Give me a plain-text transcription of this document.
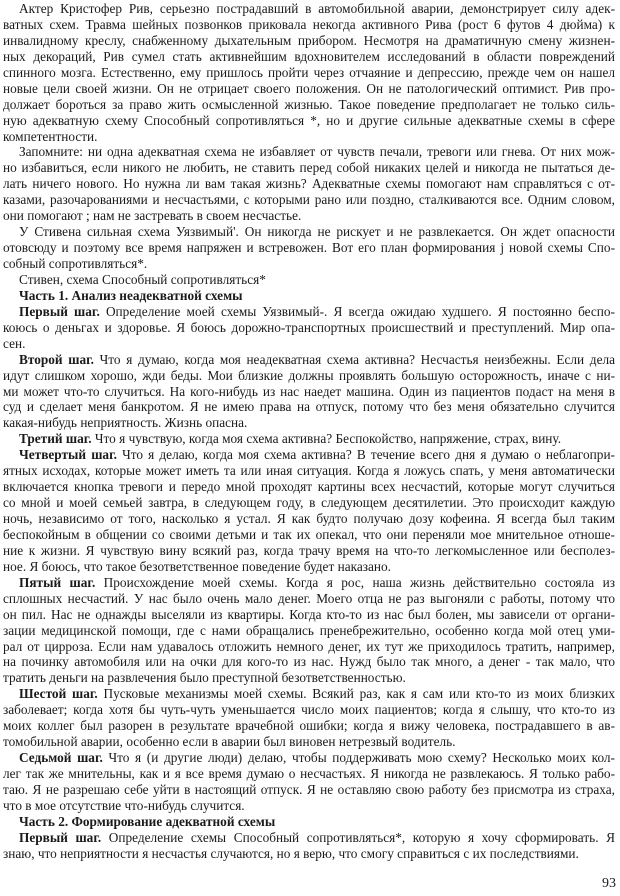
Актер Кристофер Рив, серьезно пострадавший в автомобильной аварии, демонстрирует силу адек-
ватных схем. Травма шейных позвонков приковала некогда активного Рива (рост 6 футов 4 дюйма) к
инвалидному креслу, снабженному дыхательным прибором. Несмотря на драматичную смену жизнен-
ных декораций, Рив сумел стать активнейшим вдохновителем исследований в области повреждений
спинного мозга. Естественно, ему пришлось пройти через отчаяние и депрессию, прежде чем он нашел
новые цели своей жизни. Он не отрицает своего положения. Он не патологический оптимист. Рив про-
должает бороться за право жить осмысленной жизнью. Такое поведение предполагает не только силь-
ную адекватную схему Способный сопротивляться *, но и другие сильные адекватные схемы в сфере
компетентности.
Запомните: ни одна адекватная схема не избавляет от чувств печали, тревоги или гнева. От них мож-
но избавиться, если никого не любить, не ставить перед собой никаких целей и никогда не пытаться де-
лать ничего нового. Но нужна ли вам такая жизнь? Адекватные схемы помогают нам справляться с от-
казами, разочарованиями и несчастьями, с которыми рано или поздно, сталкиваются все. Одним словом,
они помогают ; нам не застревать в своем несчастье.
У Стивена сильная схема Уязвимый'. Он никогда не рискует и не развлекается. Он ждет опасности
отовсюду и поэтому все время напряжен и встревожен. Вот его план формирования j новой схемы Спо-
собный сопротивляться*.
Стивен, схема Способный сопротивляться*
Часть 1. Анализ неадекватной схемы
Первый шаг. Определение моей схемы Уязвимый-. Я всегда ожидаю худшего. Я постоянно беспо-
коюсь о деньгах и здоровье. Я боюсь дорожно-транспортных происшествий и преступлений. Мир опа-
сен.
Второй шаг. Что я думаю, когда моя неадекватная схема активна? Несчастья неизбежны. Если дела
идут слишком хорошо, жди беды. Мои близкие должны проявлять большую осторожность, иначе с ни-
ми может что-то случиться. На кого-нибудь из нас наедет машина. Один из пациентов подаст на меня в
суд и сделает меня банкротом. Я не имею права на отпуск, потому что без меня обязательно случится
какая-нибудь неприятность. Жизнь опасна.
Третий шаг. Что я чувствую, когда моя схема активна? Беспокойство, напряжение, страх, вину.
Четвертый шаг. Что я делаю, когда моя схема активна? В течение всего дня я думаю о неблагопри-
ятных исходах, которые может иметь та или иная ситуация. Когда я ложусь спать, у меня автоматически
включается кнопка тревоги и передо мной проходят картины всех несчастий, которые могут случиться
со мной и моей семьей завтра, в следующем году, в следующем десятилетии. Это происходит каждую
ночь, независимо от того, насколько я устал. Я как будто получаю дозу кофеина. Я всегда был таким
беспокойным в общении со своими детьми и так их опекал, что они переняли мое мнительное отноше-
ние к жизни. Я чувствую вину всякий раз, когда трачу время на что-то легкомысленное или бесполез-
ное. Я боюсь, что такое безответственное поведение будет наказано.
Пятый шаг. Происхождение моей схемы. Когда я рос, наша жизнь действительно состояла из
сплошных несчастий. У нас было очень мало денег. Моего отца не раз выгоняли с работы, потому что
он пил. Нас не однажды выселяли из квартиры. Когда кто-то из нас был болен, мы зависели от органи-
зации медицинской помощи, где с нами обращались пренебрежительно, особенно когда мой отец уми-
рал от цирроза. Если нам удавалось отложить немного денег, их тут же приходилось тратить, например,
на починку автомобиля или на очки для кого-то из нас. Нужд было так много, а денег - так мало, что
тратить деньги на развлечения было преступной безответственностью.
Шестой шаг. Пусковые механизмы моей схемы. Всякий раз, как я сам или кто-то из моих близких
заболевает; когда хотя бы чуть-чуть уменьшается число моих пациентов; когда я слышу, что кто-то из
моих коллег был разорен в результате врачебной ошибки; когда я вижу человека, пострадавшего в ав-
томобильной аварии, особенно если в аварии был виновен нетрезвый водитель.
Седьмой шаг. Что я (и другие люди) делаю, чтобы поддерживать мою схему? Несколько моих кол-
лег так же мнительны, как и я все время думаю о несчастьях. Я никогда не развлекаюсь. Я только рабо-
таю. Я не разрешаю себе уйти в настоящий отпуск. Я не оставляю свою работу без присмотра из страха,
что в мое отсутствие что-нибудь случится.
Часть 2. Формирование адекватной схемы
Первый шаг. Определение схемы Способный сопротивляться*, которую я хочу сформировать. Я
знаю, что неприятности я несчастья случаются, но я верю, что смогу справиться с их последствиями.
93
